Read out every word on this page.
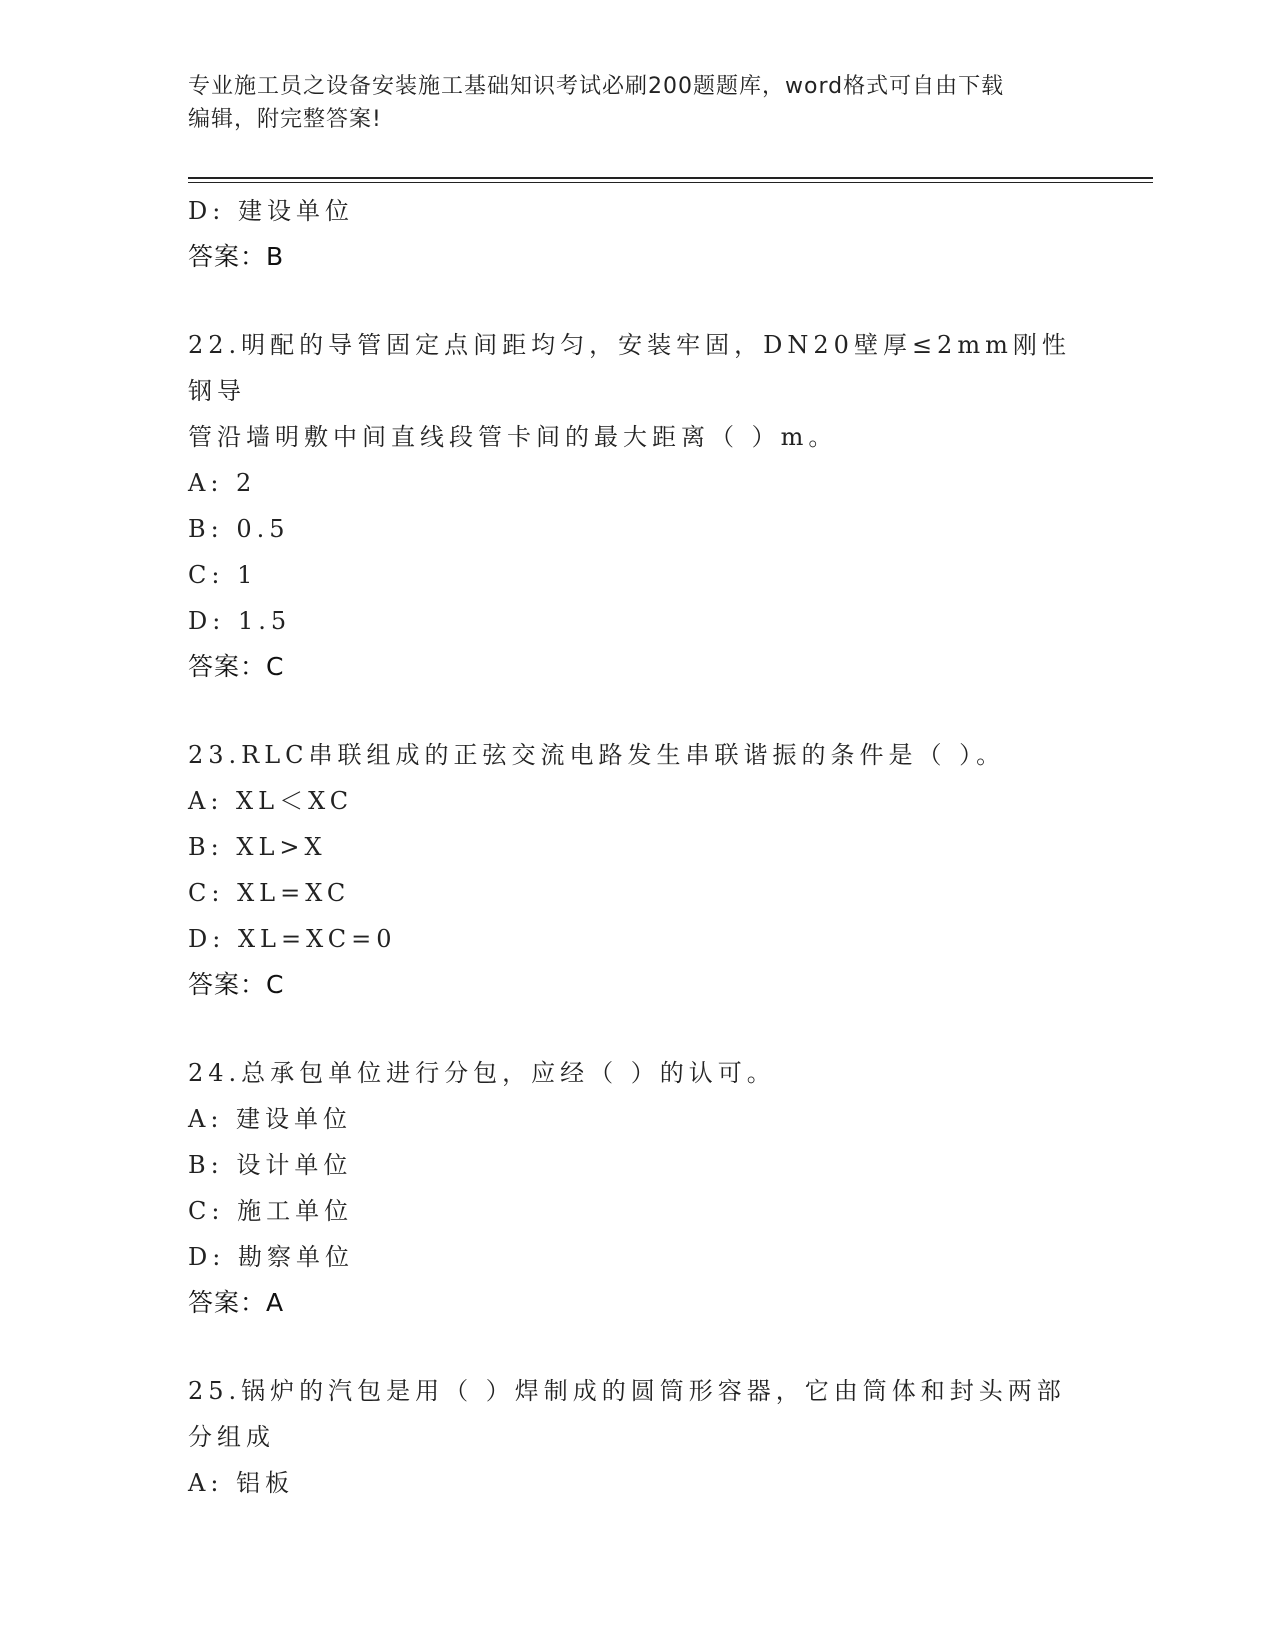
专业施工员之设备安装施工基础知识考试必刷200题题库，word格式可自由下载
编辑，附完整答案!
D: 建设单位
答案：B
22.明配的导管固定点间距均匀，安装牢固，DN20壁厚≤2mm刚性钢导
管沿墙明敷中间直线段管卡间的最大距离（ ）m。
A: 2
B: 0.5
C: 1
D: 1.5
答案：C
23.RLC串联组成的正弦交流电路发生串联谐振的条件是（ ）。
A: XL＜XC
B: XL>X
C: XL=XC
D: XL=XC=0
答案：C
24.总承包单位进行分包，应经（ ）的认可。
A: 建设单位
B: 设计单位
C: 施工单位
D: 勘察单位
答案：A
25.锅炉的汽包是用（ ）焊制成的圆筒形容器，它由筒体和封头两部
分组成
A: 铝板
